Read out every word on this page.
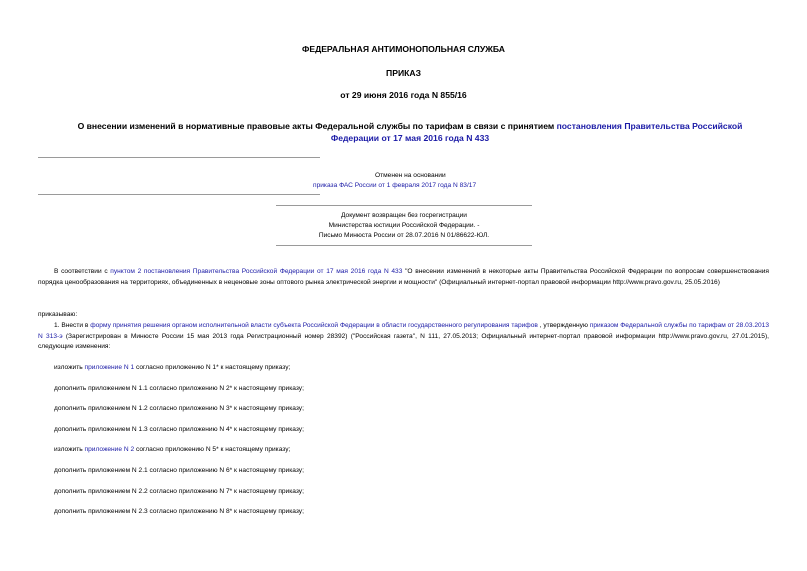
ФЕДЕРАЛЬНАЯ АНТИМОНОПОЛЬНАЯ СЛУЖБА
ПРИКАЗ
от 29 июня 2016 года N 855/16
О внесении изменений в нормативные правовые акты Федеральной службы по тарифам в связи с принятием постановления Правительства Российской Федерации от 17 мая 2016 года N 433
Отменен на основании
приказа ФАС России от 1 февраля 2017 года N 83/17
Документ возвращен без госрегистрации
Министерства юстиции Российской Федерации. -
Письмо Минюста России от 28.07.2016 N 01/86622-ЮЛ.
В соответствии с пунктом 2 постановления Правительства Российской Федерации от 17 мая 2016 года N 433 "О внесении изменений в некоторые акты Правительства Российской Федерации по вопросам совершенствования порядка ценообразования на территориях, объединенных в неценовые зоны оптового рынка электрической энергии и мощности" (Официальный интернет-портал правовой информации http://www.pravo.gov.ru, 25.05.2016)
приказываю:
1. Внести в форму принятия решения органом исполнительной власти субъекта Российской Федерации в области государственного регулирования тарифов , утвержденную приказом Федеральной службы по тарифам от 28.03.2013 N 313-э (Зарегистрирован в Минюсте России 15 мая 2013 года Регистрационный номер 28392) ("Российская газета", N 111, 27.05.2013; Официальный интернет-портал правовой информации http://www.pravo.gov.ru, 27.01.2015), следующие изменения:
изложить приложение N 1 согласно приложению N 1* к настоящему приказу;
дополнить приложением N 1.1 согласно приложению N 2* к настоящему приказу;
дополнить приложением N 1.2 согласно приложению N 3* к настоящему приказу;
дополнить приложением N 1.3 согласно приложению N 4* к настоящему приказу;
изложить приложение N 2 согласно приложению N 5* к настоящему приказу;
дополнить приложением N 2.1 согласно приложению N 6* к настоящему приказу;
дополнить приложением N 2.2 согласно приложению N 7* к настоящему приказу;
дополнить приложением N 2.3 согласно приложению N 8* к настоящему приказу;
